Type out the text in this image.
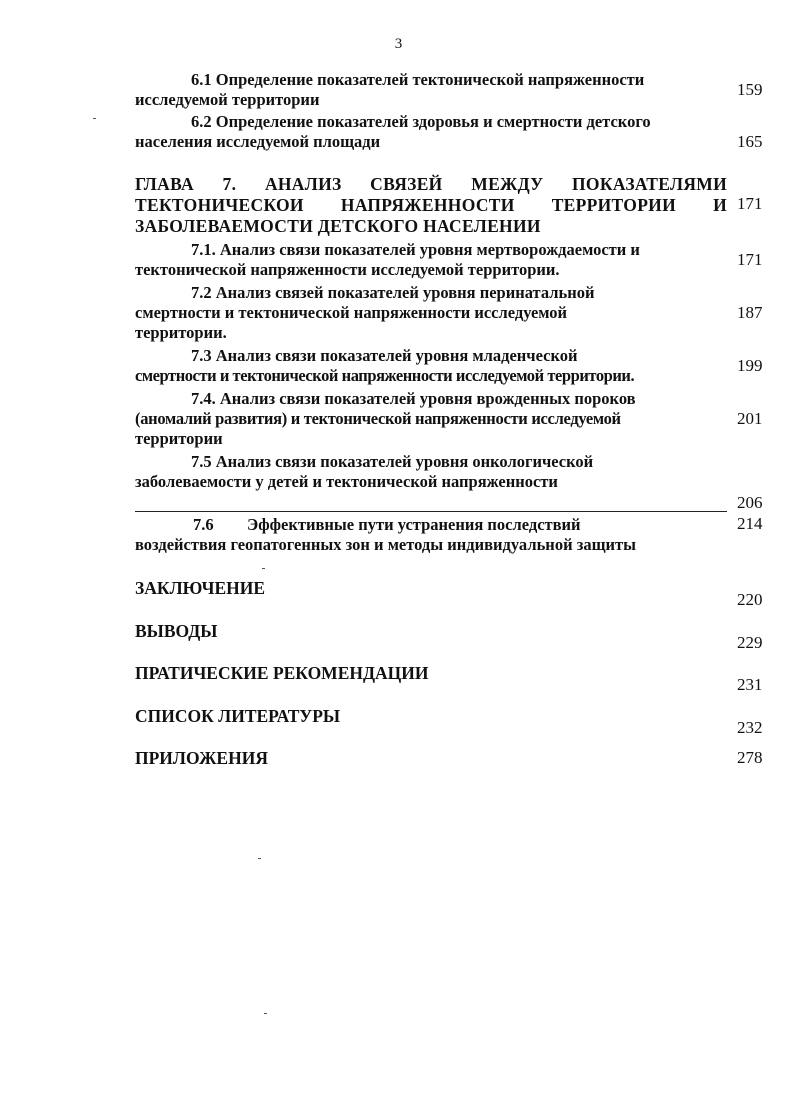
3
6.1 Определение показателей тектонической напряженности
исследуемой территории
159
6.2 Определение показателей здоровья и смертности детского
населения исследуемой площади	165
ГЛАВА 7. АНАЛИЗ СВЯЗЕЙ МЕЖДУ ПОКАЗАТЕЛЯМИ
ТЕКТОНИЧЕСКОИ НАПРЯЖЕННОСТИ ТЕРРИТОРИИ И
ЗАБОЛЕВАЕМОСТИ ДЕТСКОГО НАСЕЛЕНИИ
171
7.1. Анализ связи показателей уровня мертворождаемости и
тектонической напряженности исследуемой территории.
171
7.2 Анализ связей показателей уровня перинатальной
смертности и тектонической напряженности исследуемой
территории.
187
7.3 Анализ связи показателей уровня младенческой
смертности и тектонической напряженности исследуемой территории.
199
7.4. Анализ связи показателей уровня врожденных пороков
(аномалий развития) и тектонической напряженности исследуемой
территории
201
7.5 Анализ связи показателей уровня онкологической
заболеваемости у детей и тектонической напряженности
206
7.6 Эффективные пути устранения последствий
воздействия геопатогенных зон и методы индивидуальной защиты
214
ЗАКЛЮЧЕНИЕ
220
ВЫВОДЫ
229
ПРАТИЧЕСКИЕ РЕКОМЕНДАЦИИ
231
СПИСОК ЛИТЕРАТУРЫ
232
ПРИЛОЖЕНИЯ	278
